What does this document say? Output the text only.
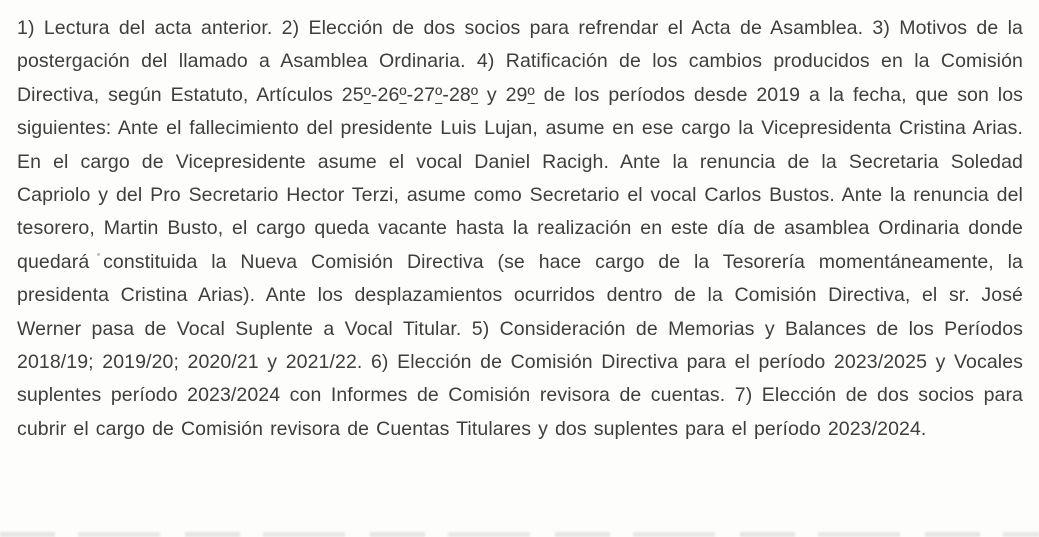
1) Lectura del acta anterior. 2) Elección de dos socios para refrendar el Acta de Asamblea. 3) Motivos de la postergación del llamado a Asamblea Ordinaria. 4) Ratificación de los cambios producidos en la Comisión Directiva, según Estatuto, Artículos 25º-26º-27º-28º y 29º de los períodos desde 2019 a la fecha, que son los siguientes: Ante el fallecimiento del presidente Luis Lujan, asume en ese cargo la Vicepresidenta Cristina Arias. En el cargo de Vicepresidente asume el vocal Daniel Racigh. Ante la renuncia de la Secretaria Soledad Capriolo y del Pro Secretario Hector Terzi, asume como Secretario el vocal Carlos Bustos. Ante la renuncia del tesorero, Martin Busto, el cargo queda vacante hasta la realización en este día de asamblea Ordinaria donde quedará constituida la Nueva Comisión Directiva (se hace cargo de la Tesorería momentáneamente, la presidenta Cristina Arias). Ante los desplazamientos ocurridos dentro de la Comisión Directiva, el sr. José Werner pasa de Vocal Suplente a Vocal Titular. 5) Consideración de Memorias y Balances de los Períodos 2018/19; 2019/20; 2020/21 y 2021/22. 6) Elección de Comisión Directiva para el período 2023/2025 y Vocales suplentes período 2023/2024 con Informes de Comisión revisora de cuentas. 7) Elección de dos socios para cubrir el cargo de Comisión revisora de Cuentas Titulares y dos suplentes para el período 2023/2024.
